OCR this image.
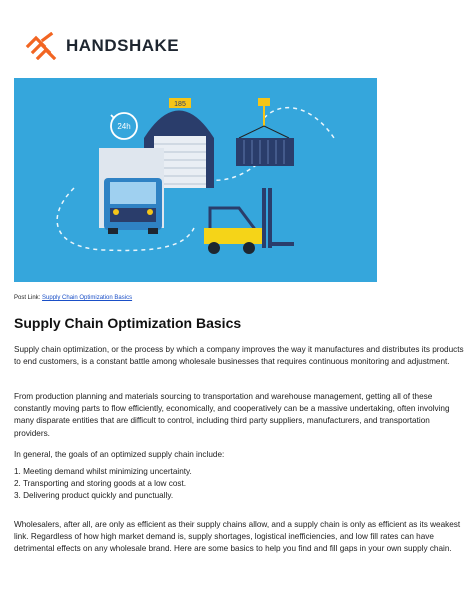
HANDSHAKE
185
24h
Post Link: Supply Chain Optimization Basics
Supply Chain Optimization Basics

Supply chain optimization, or the process by which a company improves the way it manufactures and distributes its products to end customers, is a constant battle among wholesale businesses that requires continuous monitoring and adjustment.

From production planning and materials sourcing to transportation and warehouse management, getting all of these constantly moving parts to flow efficiently, economically, and cooperatively can be a massive undertaking, often involving many disparate entities that are difficult to control, including third party suppliers, manufacturers, and transportation providers.

In general, the goals of an optimized supply chain include:

1. Meeting demand whilst minimizing uncertainty.
2. Transporting and storing goods at a low cost.
3. Delivering product quickly and punctually.

Wholesalers, after all, are only as efficient as their supply chains allow, and a supply chain is only as efficient as its weakest link. Regardless of how high market demand is, supply shortages, logistical inefficiencies, and low fill rates can have detrimental effects on any wholesale brand. Here are some basics to help you find and fill gaps in your own supply chain.
